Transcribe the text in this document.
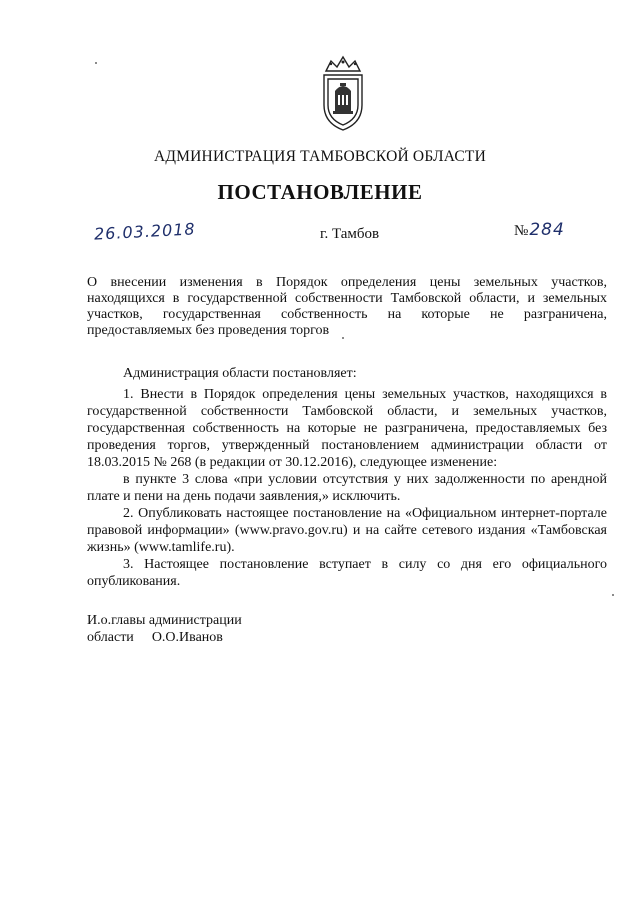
АДМИНИСТРАЦИЯ ТАМБОВСКОЙ ОБЛАСТИ
ПОСТАНОВЛЕНИЕ
26.03.2018	г. Тамбов	№284
О внесении изменения в Порядок определения цены земельных участков, находящихся в государственной собственности Тамбовской области, и земельных участков, государственная собственность на которые не разграничена, предоставляемых без проведения торгов

Администрация области постановляет:

1. Внести в Порядок определения цены земельных участков, находящихся в государственной собственности Тамбовской области, и земельных участков, государственная собственность на которые не разграничена, предоставляемых без проведения торгов, утвержденный постановлением администрации области от 18.03.2015 № 268 (в редакции от 30.12.2016), следующее изменение:

в пункте 3 слова «при условии отсутствия у них задолженности по арендной плате и пени на день подачи заявления,» исключить.

2. Опубликовать настоящее постановление на «Официальном интернет-портале правовой информации» (www.pravo.gov.ru) и на сайте сетевого издания «Тамбовская жизнь» (www.tamlife.ru).

3. Настоящее постановление вступает в силу со дня его официального опубликования.

И.о.главы администрации
области О.О.Иванов
